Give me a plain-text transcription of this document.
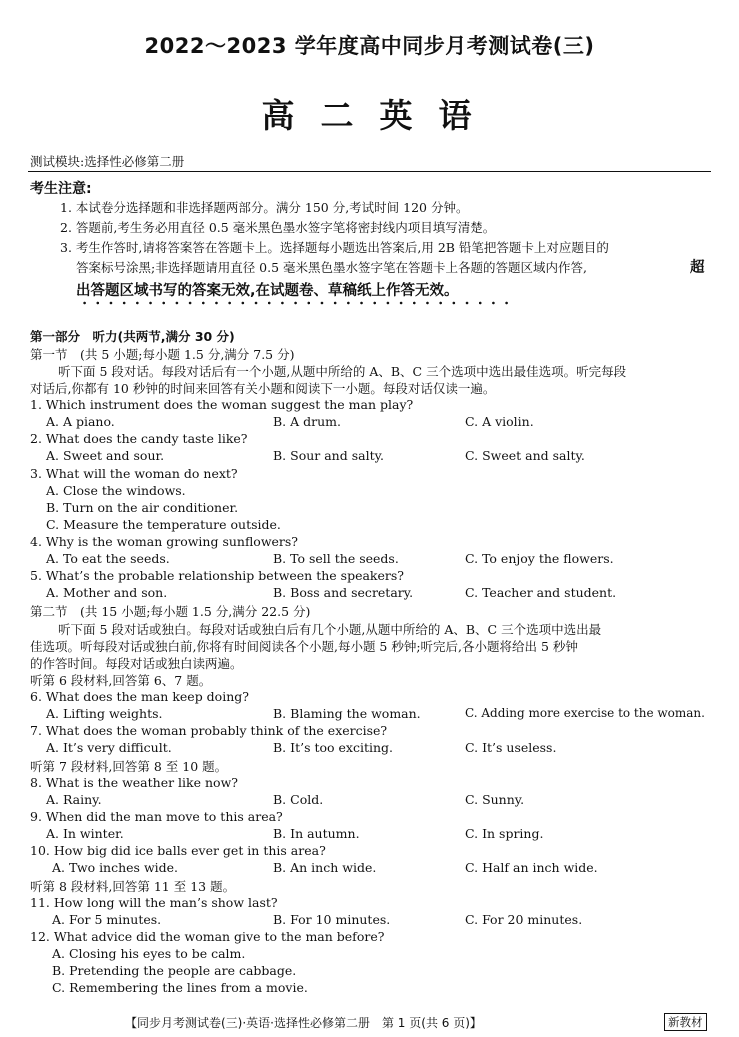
2022～2023 学年度高中同步月考测试卷(三)
高二英语
测试模块:选择性必修第二册
考生注意:
1. 本试卷分选择题和非选择题两部分。满分 150 分,考试时间 120 分钟。
2. 答题前,考生务必用直径 0.5 毫米黑色墨水签字笔将密封线内项目填写清楚。
3. 考生作答时,请将答案答在答题卡上。选择题每小题选出答案后,用 2B 铅笔把答题卡上对应题目的
答案标号涂黑;非选择题请用直径 0.5 毫米黑色墨水签字笔在答题卡上各题的答题区域内作答,	超
出答题区域书写的答案无效,在试题卷、草稿纸上作答无效。
第一部分　听力(共两节,满分 30 分)
第一节　(共 5 小题;每小题 1.5 分,满分 7.5 分)
听下面 5 段对话。每段对话后有一个小题,从题中所给的 A、B、C 三个选项中选出最佳选项。听完每段
对话后,你都有 10 秒钟的时间来回答有关小题和阅读下一小题。每段对话仅读一遍。
1. Which instrument does the woman suggest the man play?
A. A piano.	B. A drum.	C. A violin.
2. What does the candy taste like?
A. Sweet and sour.	B. Sour and salty.	C. Sweet and salty.
3. What will the woman do next?
A. Close the windows.
B. Turn on the air conditioner.
C. Measure the temperature outside.
4. Why is the woman growing sunflowers?
A. To eat the seeds.	B. To sell the seeds.	C. To enjoy the flowers.
5. What’s the probable relationship between the speakers?
A. Mother and son.	B. Boss and secretary.	C. Teacher and student.
第二节　(共 15 小题;每小题 1.5 分,满分 22.5 分)
听下面 5 段对话或独白。每段对话或独白后有几个小题,从题中所给的 A、B、C 三个选项中选出最
佳选项。听每段对话或独白前,你将有时间阅读各个小题,每小题 5 秒钟;听完后,各小题将给出 5 秒钟
的作答时间。每段对话或独白读两遍。
听第 6 段材料,回答第 6、7 题。
6. What does the man keep doing?
A. Lifting weights.	B. Blaming the woman.	C. Adding more exercise to the woman.
7. What does the woman probably think of the exercise?
A. It’s very difficult.	B. It’s too exciting.	C. It’s useless.
听第 7 段材料,回答第 8 至 10 题。
8. What is the weather like now?
A. Rainy.	B. Cold.	C. Sunny.
9. When did the man move to this area?
A. In winter.	B. In autumn.	C. In spring.
10. How big did ice balls ever get in this area?
A. Two inches wide.	B. An inch wide.	C. Half an inch wide.
听第 8 段材料,回答第 11 至 13 题。
11. How long will the man’s show last?
A. For 5 minutes.	B. For 10 minutes.	C. For 20 minutes.
12. What advice did the woman give to the man before?
A. Closing his eyes to be calm.
B. Pretending the people are cabbage.
C. Remembering the lines from a movie.
【同步月考测试卷(三)·英语·选择性必修第二册　第 1 页(共 6 页)】	新教材
